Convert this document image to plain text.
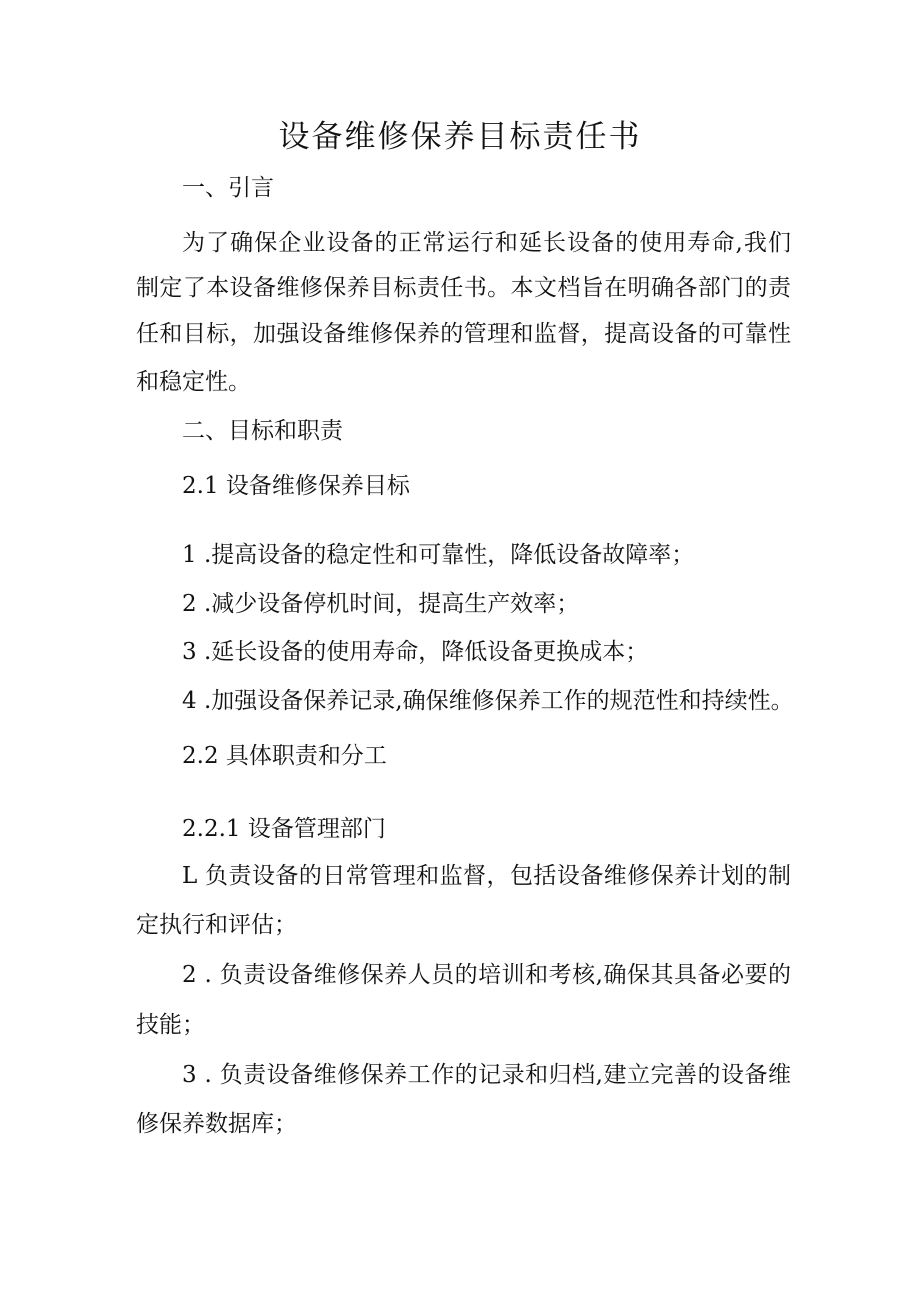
设备维修保养目标责任书
一、引言
为了确保企业设备的正常运行和延长设备的使用寿命,我们
制定了本设备维修保养目标责任书。本文档旨在明确各部门的责
任和目标，加强设备维修保养的管理和监督，提高设备的可靠性
和稳定性。
二、目标和职责
2.1 设备维修保养目标
1 .提高设备的稳定性和可靠性，降低设备故障率；
2 .减少设备停机时间，提高生产效率；
3 .延长设备的使用寿命，降低设备更换成本；
4 .加强设备保养记录,确保维修保养工作的规范性和持续性。
2.2 具体职责和分工
2.2.1 设备管理部门
L 负责设备的日常管理和监督，包括设备维修保养计划的制
定执行和评估；
2 . 负责设备维修保养人员的培训和考核,确保其具备必要的
技能；
3 . 负责设备维修保养工作的记录和归档,建立完善的设备维
修保养数据库；
